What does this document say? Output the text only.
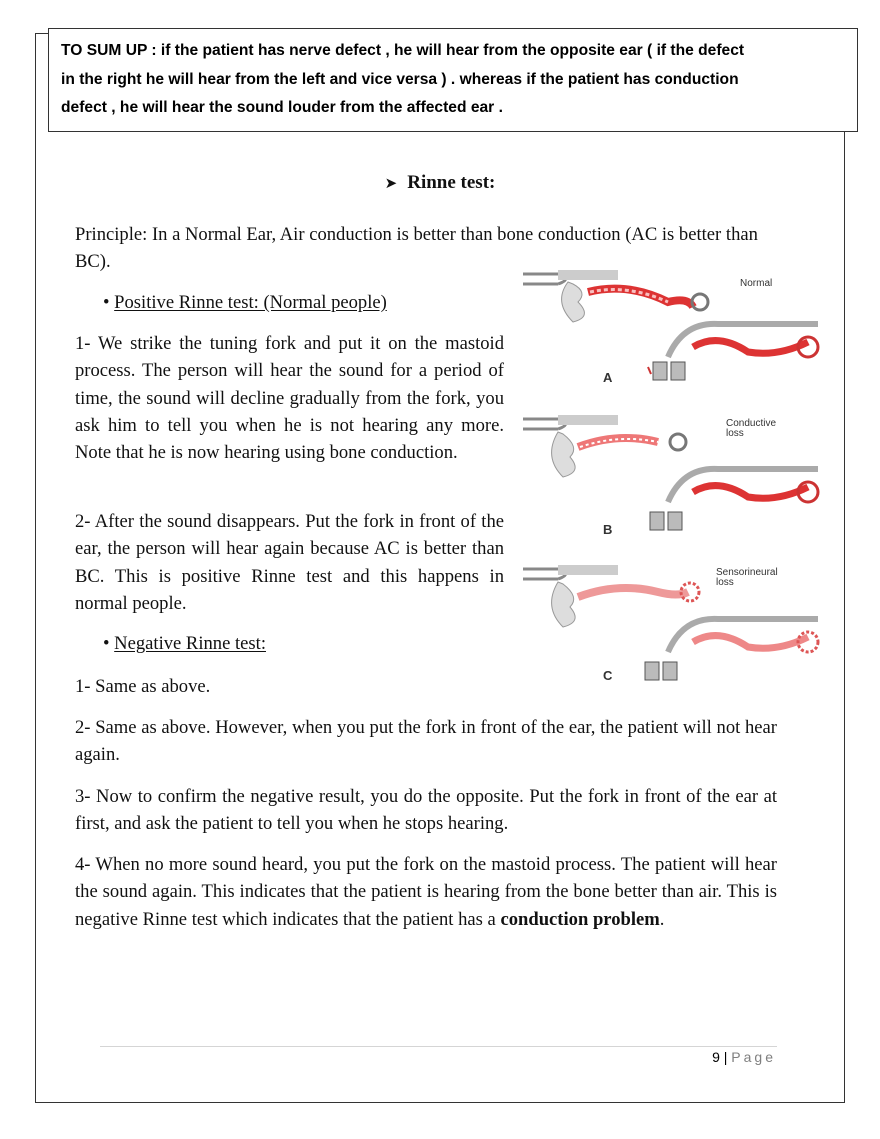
TO SUM UP : if the patient has nerve defect , he will hear from the opposite ear ( if the defect
in the right he will hear from the left and vice versa ) . whereas if the patient has conduction
defect , he will hear the sound louder from the affected ear .
➤ Rinne test:
Principle: In a Normal Ear, Air conduction is better than bone conduction (AC is better than BC).
• Positive Rinne test: (Normal people)
1- We strike the tuning fork and put it on the mastoid process. The person will hear the sound for a period of time, the sound will decline gradually from the fork, you ask him to tell you when he is not hearing any more. Note that he is now hearing using bone conduction.
2- After the sound disappears. Put the fork in front of the ear, the person will hear again because AC is better than BC. This is positive Rinne test and this happens in normal people.
• Negative Rinne test:
1- Same as above.
2- Same as above. However, when you put the fork in front of the ear, the patient will not hear again.
3- Now to confirm the negative result, you do the opposite. Put the fork in front of the ear at first, and ask the patient to tell you when he stops hearing.
4- When no more sound heard, you put the fork on the mastoid process. The patient will hear the sound again. This indicates that the patient is hearing from the bone better than air. This is negative Rinne test which indicates that the patient has a conduction problem.
Normal
A
Conductive
loss
B
Sensorineural
loss
C
9 | Page
